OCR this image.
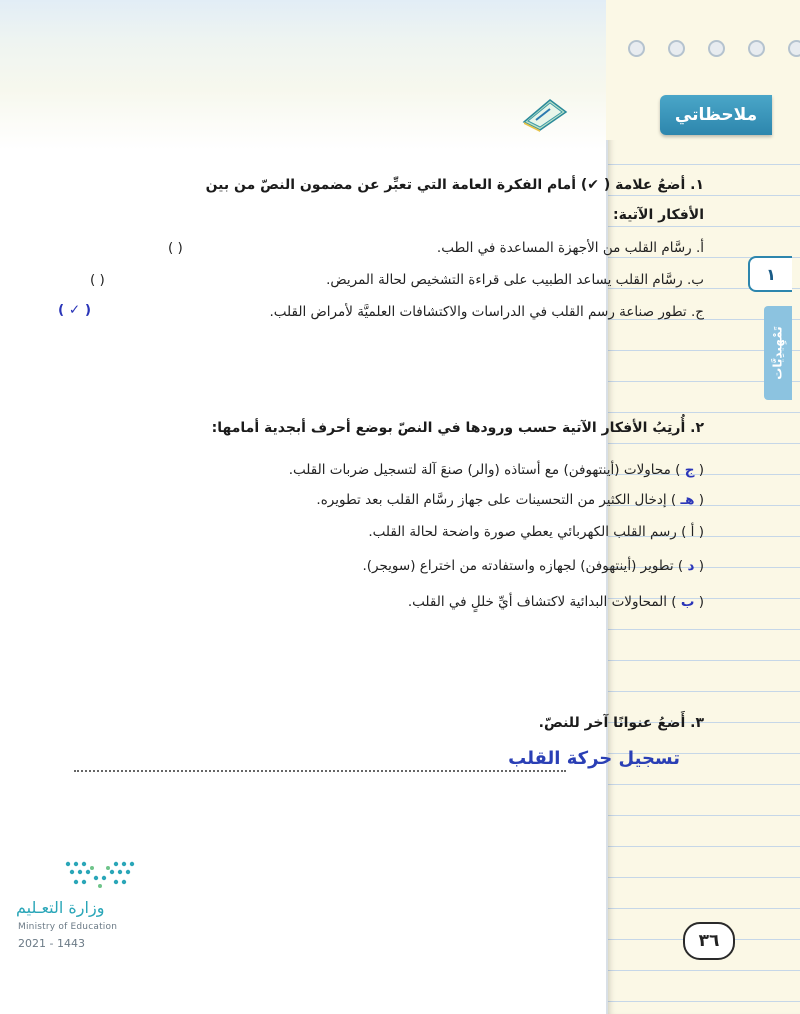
ملاحظاتي
١
تَمْهِيدِيَّات
٣٦
١. أضعُ علامة ( ✔) أمام الفكرة العامة التي تعبِّر عن مضمون النصّ من بين
الأفكار الآتية:
أ. رسَّام القلب من الأجهزة المساعدة في الطب.
( )
ب. رسَّام القلب يساعد الطبيب على قراءة التشخيص لحالة المريض.
( )
ج. تطور صناعة رسم القلب في الدراسات والاكتشافات العلميَّة لأمراض القلب.
( ✓ )
٢. أُرتِبُ الأفكار الآتية حسب ورودها في النصّ بوضع أحرف أبجدية أمامها:
( ج ) محاولات (أينتهوفن) مع أستاذه (والر) صنعَ آلة لتسجيل ضربات القلب.
( هـ ) إدخال الكثير من التحسينات على جهاز رسَّام القلب بعد تطويره.
( أ ) رسم القلب الكهربائي يعطي صورة واضحة لحالة القلب.
( د ) تطوير (أينتهوفن) لجهازه واستفادته من اختراع (سويجر).
( ب ) المحاولات البدائية لاكتشاف أيِّ خللٍ في القلب.
٣. أَضعُ عنوانًا آخر للنصّ.
تسجيل حركة القلب
وزارة التعـليم
Ministry of Education
2021 - 1443
